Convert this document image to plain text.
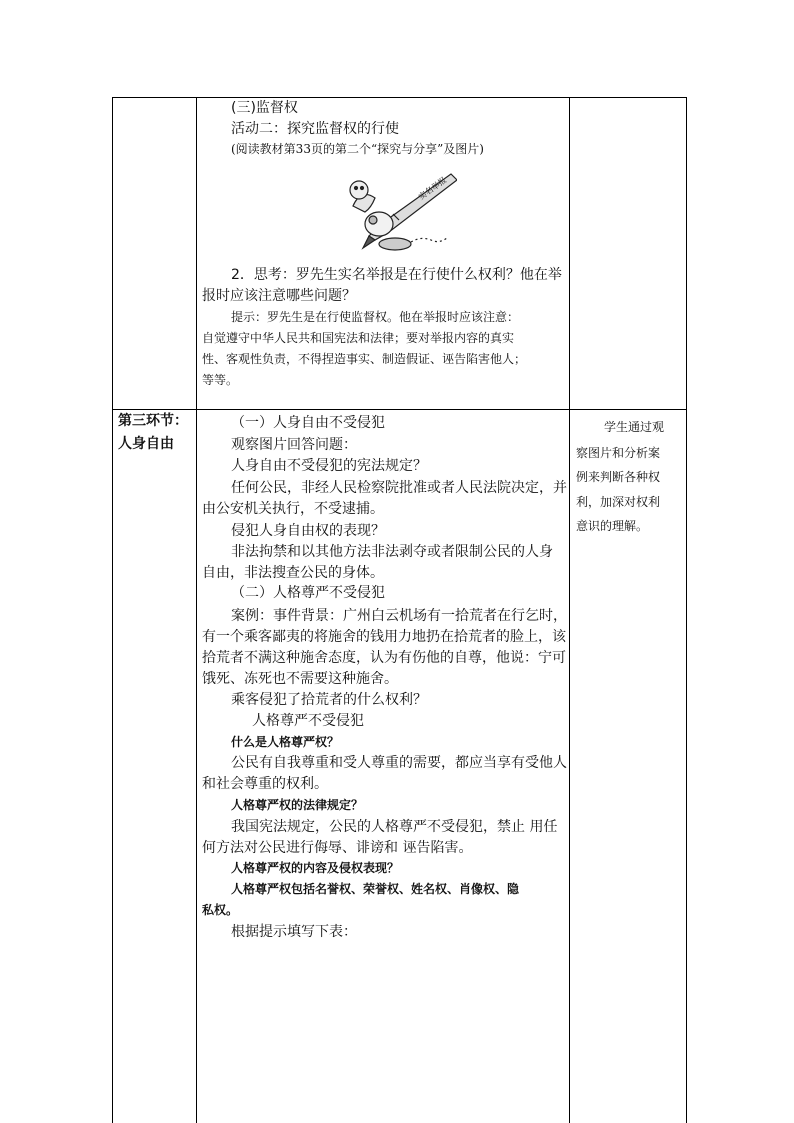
(三)监督权
活动二：探究监督权的行使
(阅读教材第33页的第二个“探究与分享”及图片)
实名举报
2．思考：罗先生实名举报是在行使什么权利？他在举
报时应该注意哪些问题？
提示：罗先生是在行使监督权。他在举报时应该注意：
自觉遵守中华人民共和国宪法和法律；要对举报内容的真实
性、客观性负责，不得捏造事实、制造假证、诬告陷害他人；
等等。
第三环节：
人身自由
（一）人身自由不受侵犯
观察图片回答问题：
人身自由不受侵犯的宪法规定？
任何公民，非经人民检察院批准或者人民法院决定，并
由公安机关执行，不受逮捕。
侵犯人身自由权的表现？
非法拘禁和以其他方法非法剥夺或者限制公民的人身
自由，非法搜查公民的身体。
（二）人格尊严不受侵犯
案例：事件背景：广州白云机场有一拾荒者在行乞时，
有一个乘客鄙夷的将施舍的钱用力地扔在拾荒者的脸上，该
拾荒者不满这种施舍态度，认为有伤他的自尊，他说：宁可
饿死、冻死也不需要这种施舍。
乘客侵犯了拾荒者的什么权利？
人格尊严不受侵犯
什么是人格尊严权？
公民有自我尊重和受人尊重的需要，都应当享有受他人
和社会尊重的权利。
人格尊严权的法律规定？
我国宪法规定，公民的人格尊严不受侵犯，禁止 用任
何方法对公民进行侮辱、诽谤和 诬告陷害。
人格尊严权的内容及侵权表现？
人格尊严权包括名誉权、荣誉权、姓名权、肖像权、隐
私权。
根据提示填写下表：
学生通过观
察图片和分析案
例来判断各种权
利，加深对权利
意识的理解。
